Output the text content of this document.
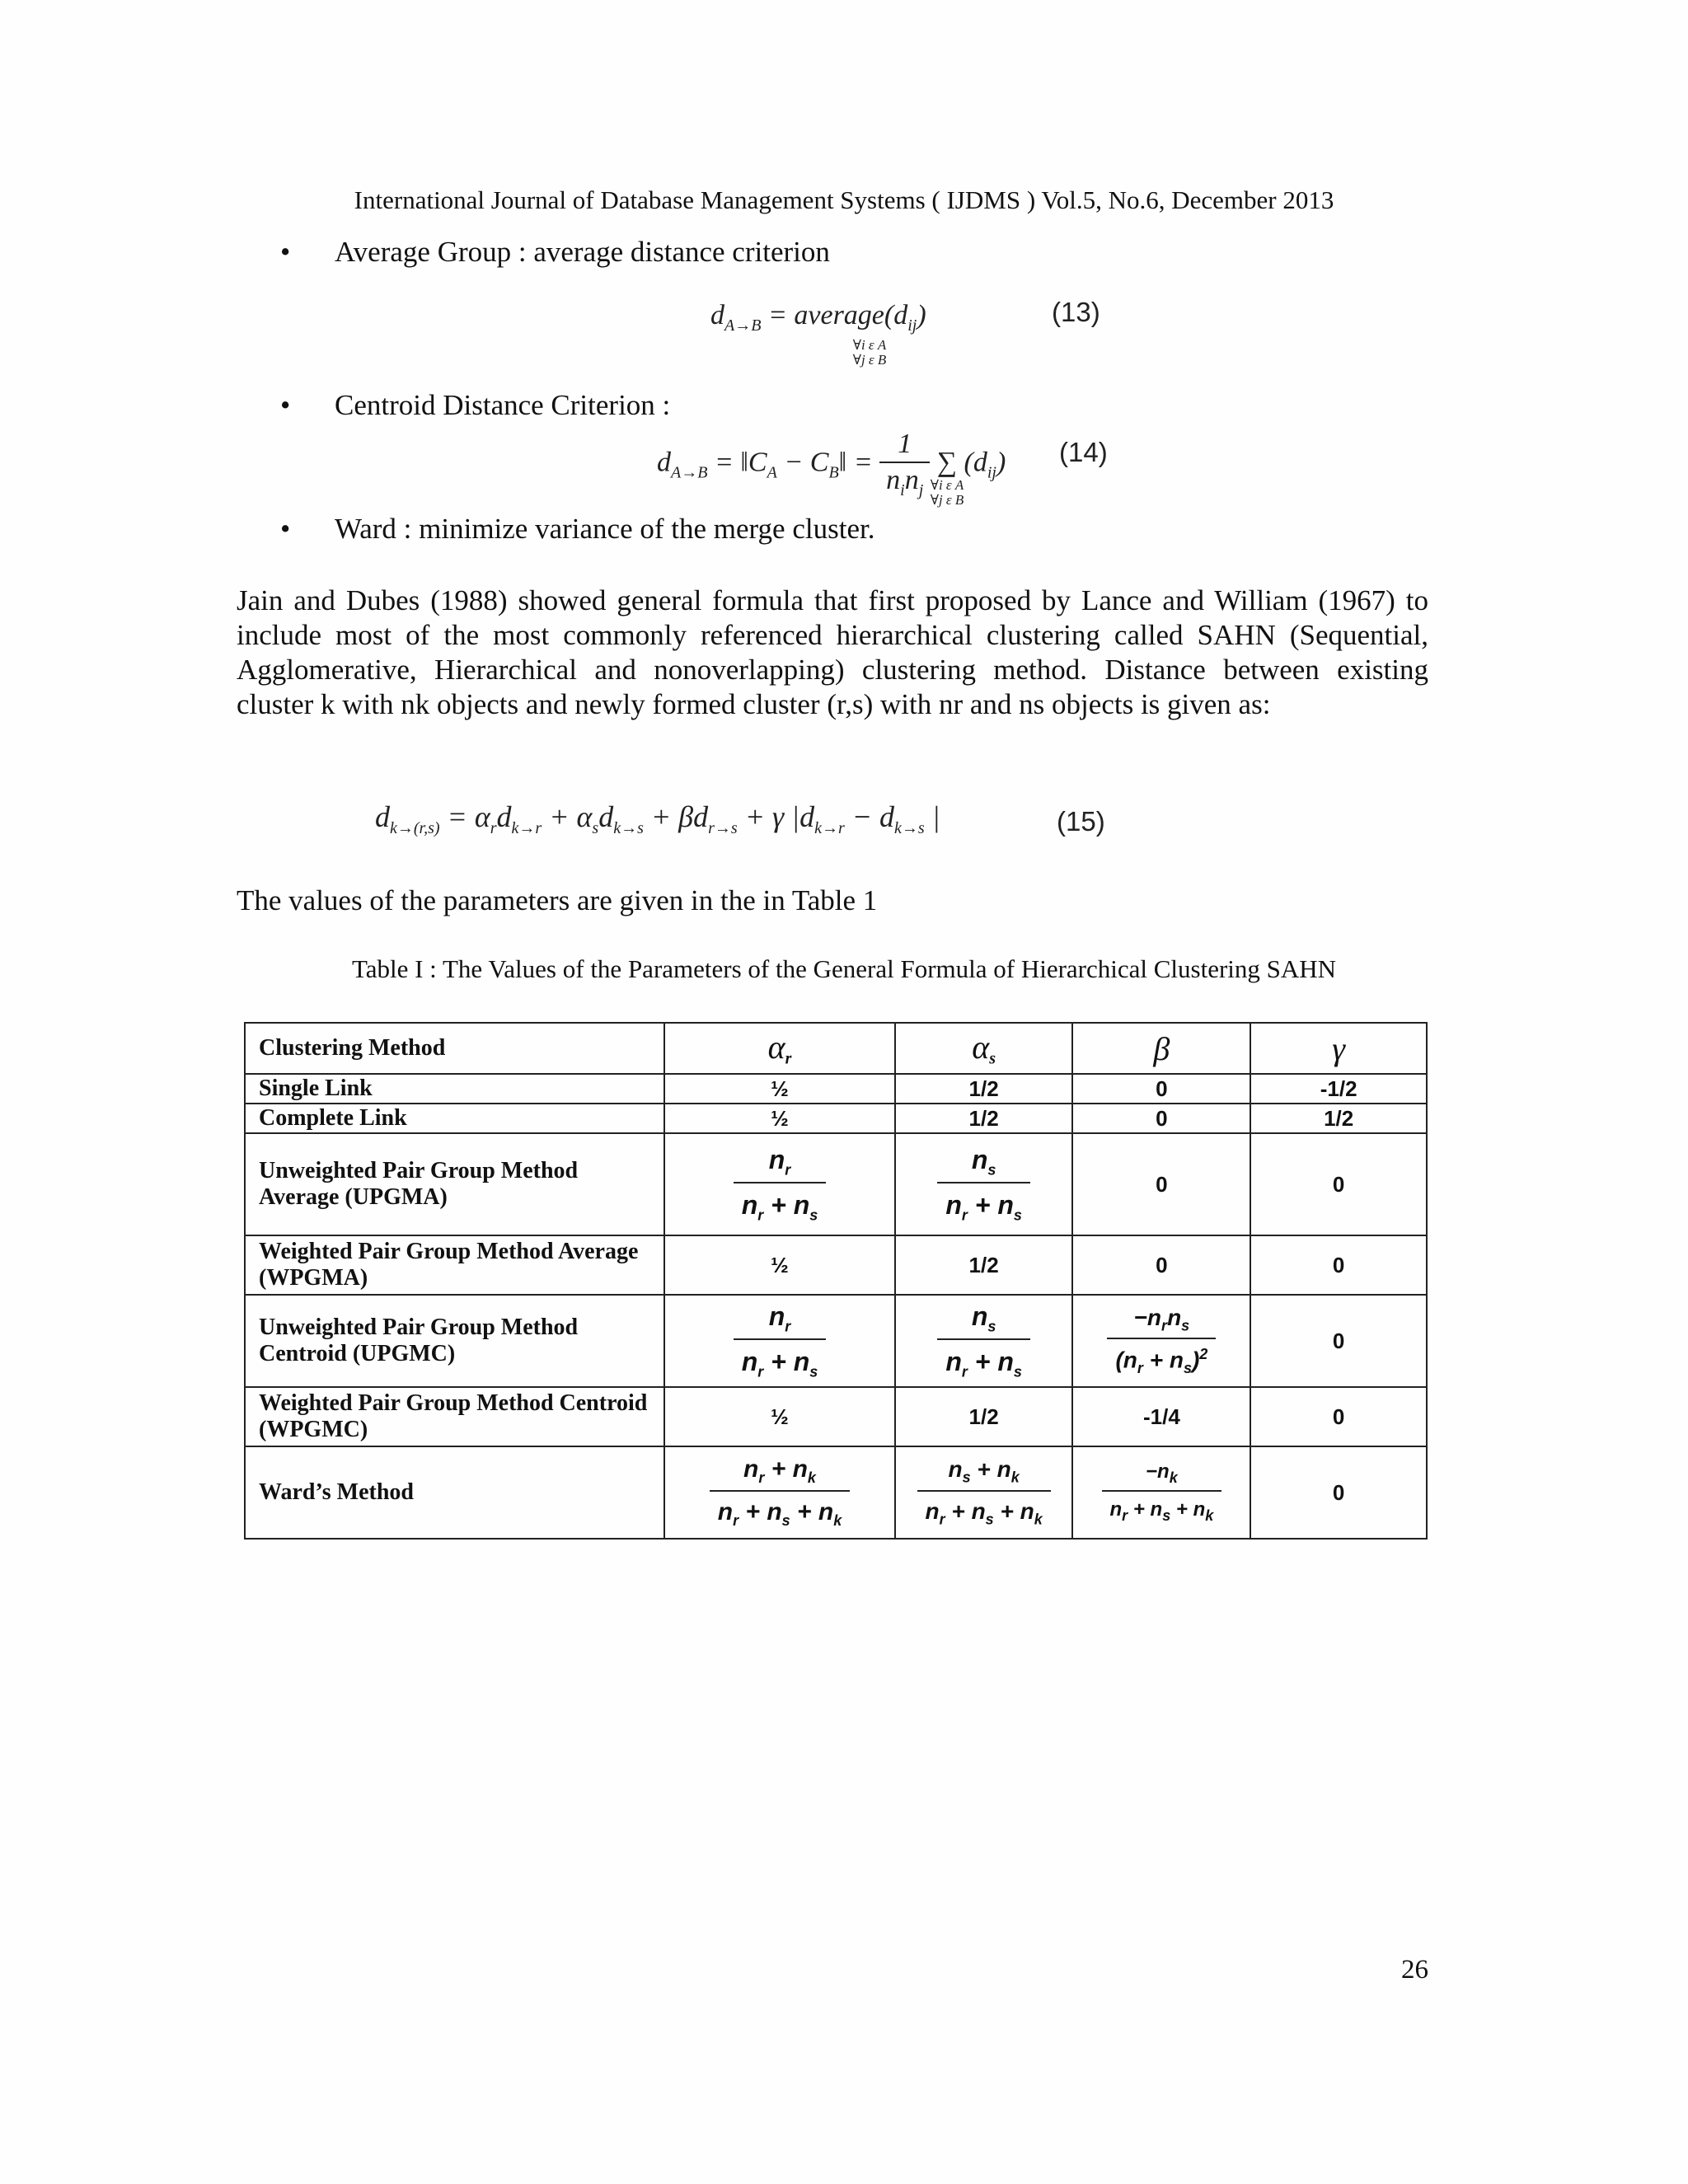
International Journal of Database Management Systems ( IJDMS ) Vol.5, No.6, December 2013
• Average Group : average distance criterion
$d_{A\to B}$ = $average(d_{ij})$
∀i ε A
∀j ε B
(13)
• Centroid Distance Criterion :
$d_{A\to B}$ = $‖C_A$ − $C_B‖ = \frac{1}{n_in_j}$ ∑ $(d_{ij})$
∀i ε A
∀j ε B
(14)
• Ward : minimize variance of the merge cluster.
Jain and Dubes (1988) showed general formula that first proposed by Lance and William (1967) to include most of the most commonly referenced hierarchical clustering called SAHN (Sequential, Agglomerative, Hierarchical and nonoverlapping) clustering method. Distance between existing cluster k with nk objects and newly formed cluster (r,s) with nr and ns objects is given as:
$d_{k\to(r,s)} = \alpha_rd_{k\to r} + \alpha_sd_{k\to s} + \beta d_{r\to s} + \gamma$ $|d_{k\to r} - d_{k\to s}$ |	(15)
The values of the parameters are given in the in Table 1
Table I : The Values of the Parameters of the General Formula of Hierarchical Clustering SAHN
Clustering Method	$\alpha_r$	$\alpha_s$	β	γ
Single Link	½	1/2	0	-1/2
Complete Link	½	1/2	0	1/2
Unweighted Pair Group Method Average (UPGMA)	$\frac{n_r}{n_r + n_s}$	$\frac{n_s}{n_r + n_s}$	0	0
Weighted Pair Group Method Average (WPGMA)	½	1/2	0	0
Unweighted Pair Group Method Centroid (UPGMC)	$\frac{n_r}{n_r + n_s}$	$\frac{n_s}{n_r + n_s}$	$\frac{-n_rn_s}{(n_r + n_s)^2}$	0
Weighted Pair Group Method Centroid (WPGMC)	½	1/2	-1/4	0
Ward’s Method	$\frac{n_r + n_k}{n_r + n_s + n_k}$	$\frac{n_s + n_k}{n_r + n_s + n_k}$	$\frac{-n_k}{n_r + n_s + n_k}$	0
26
